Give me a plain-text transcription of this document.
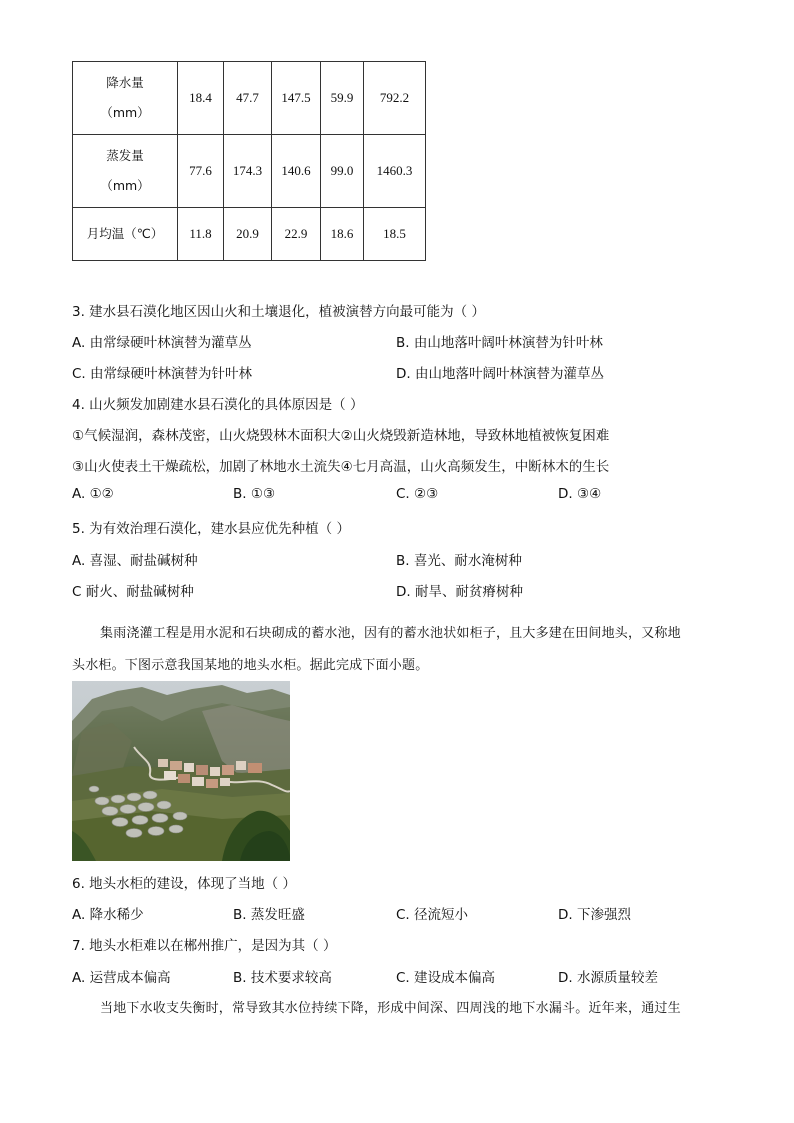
降水量
（mm）	18.4	47.7	147.5	59.9	792.2
蒸发量
（mm）	77.6	174.3	140.6	99.0	1460.3
月均温（℃）	11.8	20.9	22.9	18.6	18.5
3. 建水县石漠化地区因山火和土壤退化，植被演替方向最可能为（ ）
A. 由常绿硬叶林演替为灌草丛	B. 由山地落叶阔叶林演替为针叶林
C. 由常绿硬叶林演替为针叶林	D. 由山地落叶阔叶林演替为灌草丛
4. 山火频发加剧建水县石漠化的具体原因是（ ）
①气候湿润，森林茂密，山火烧毁林木面积大②山火烧毁新造林地，导致林地植被恢复困难
③山火使表土干燥疏松，加剧了林地水土流失④七月高温，山火高频发生，中断林木的生长
A. ①②	B. ①③	C. ②③	D. ③④
5. 为有效治理石漠化，建水县应优先种植（ ）
A. 喜湿、耐盐碱树种	B. 喜光、耐水淹树种
C 耐火、耐盐碱树种	D. 耐旱、耐贫瘠树种
集雨浇灌工程是用水泥和石块砌成的蓄水池，因有的蓄水池状如柜子，且大多建在田间地头，又称地
头水柜。下图示意我国某地的地头水柜。据此完成下面小题。
6. 地头水柜的建设，体现了当地（ ）
A. 降水稀少	B. 蒸发旺盛	C. 径流短小	D. 下渗强烈
7. 地头水柜难以在郴州推广，是因为其（ ）
A. 运营成本偏高	B. 技术要求较高	C. 建设成本偏高	D. 水源质量较差
当地下水收支失衡时，常导致其水位持续下降，形成中间深、四周浅的地下水漏斗。近年来，通过生
